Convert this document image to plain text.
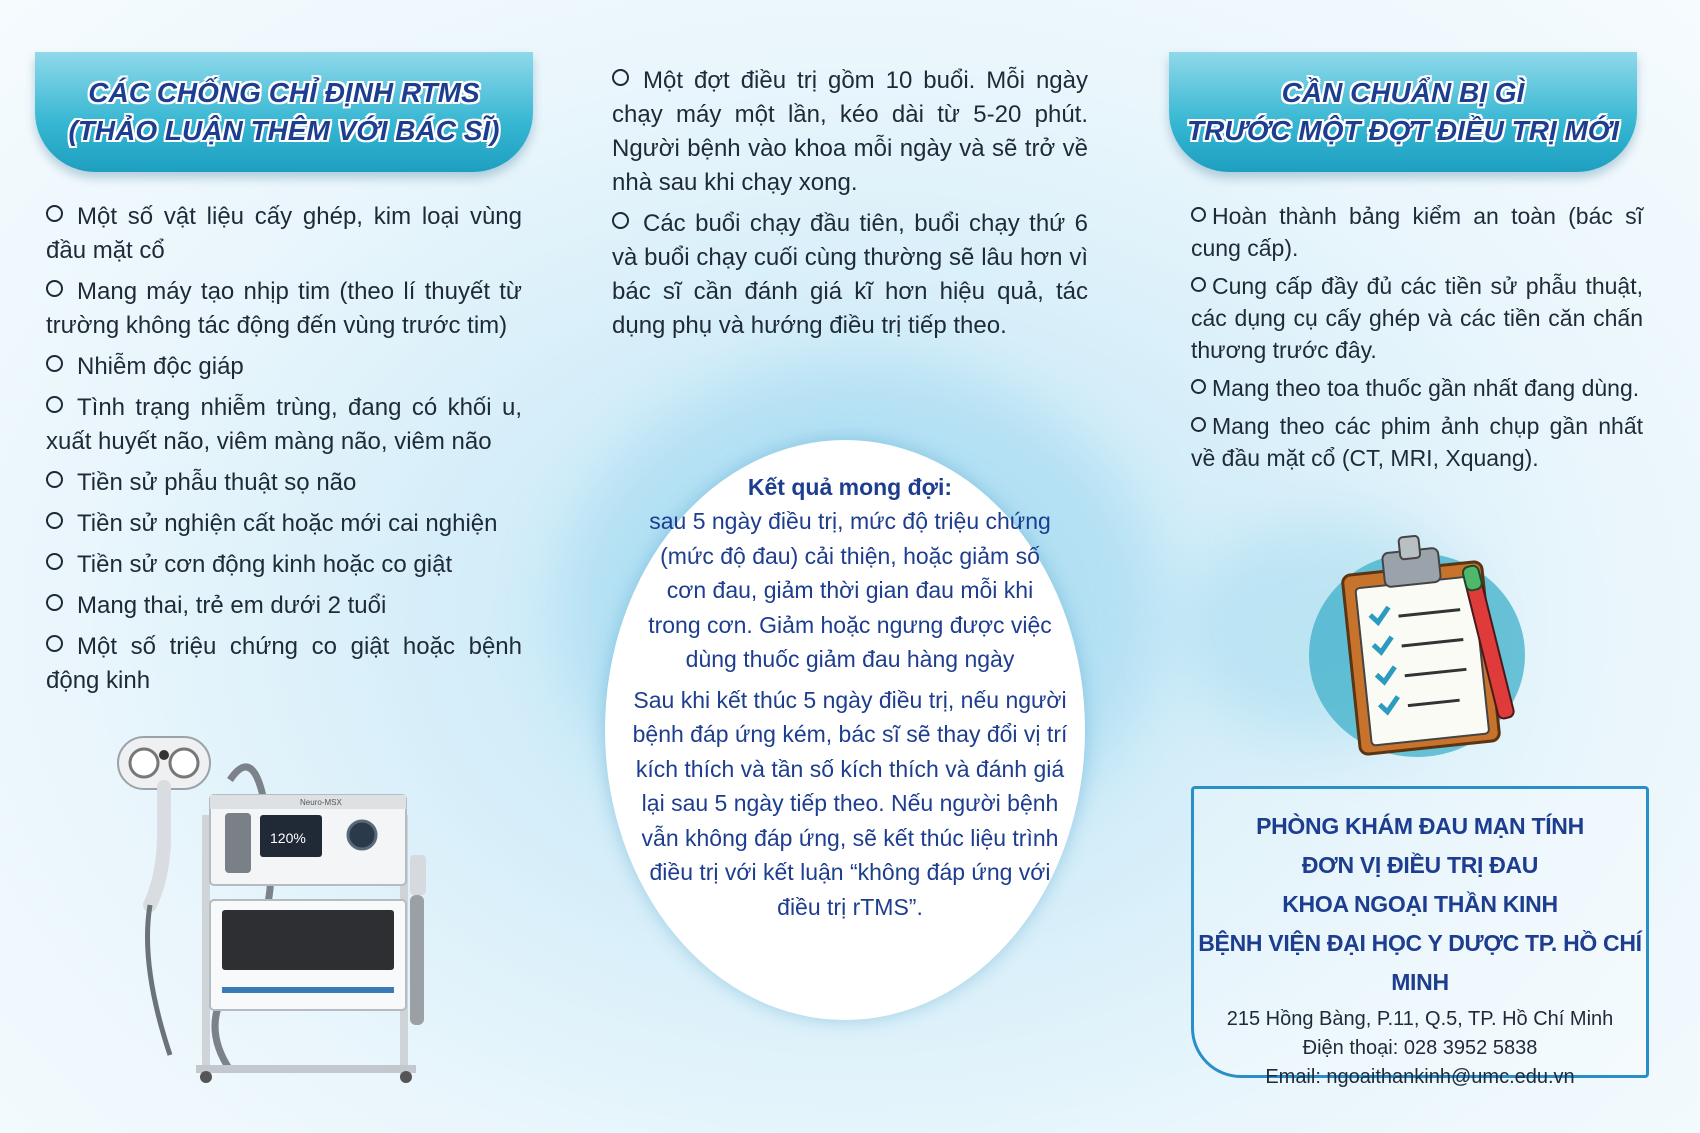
CÁC CHỐNG CHỈ ĐỊNH RTMS
(THẢO LUẬN THÊM VỚI BÁC SĨ)
Một số vật liệu cấy ghép, kim loại vùng đầu mặt cổ
Mang máy tạo nhịp tim (theo lí thuyết từ trường không tác động đến vùng trước tim)
Nhiễm độc giáp
Tình trạng nhiễm trùng, đang có khối u, xuất huyết não, viêm màng não, viêm não
Tiền sử phẫu thuật sọ não
Tiền sử nghiện cất hoặc mới cai nghiện
Tiền sử cơn động kinh hoặc co giật
Mang thai, trẻ em dưới 2 tuổi
Một số triệu chứng co giật hoặc bệnh động kinh
Neuro-MSX
120%
Một đợt điều trị gồm 10 buổi. Mỗi ngày chạy máy một lần, kéo dài từ 5-20 phút. Người bệnh vào khoa mỗi ngày và sẽ trở về nhà sau khi chạy xong.
Các buổi chạy đầu tiên, buổi chạy thứ 6 và buổi chạy cuối cùng thường sẽ lâu hơn vì bác sĩ cần đánh giá kĩ hơn hiệu quả, tác dụng phụ và hướng điều trị tiếp theo.
Kết quả mong đợi:

sau 5 ngày điều trị, mức độ triệu chứng (mức độ đau) cải thiện, hoặc giảm số cơn đau, giảm thời gian đau mỗi khi trong cơn. Giảm hoặc ngưng được việc dùng thuốc giảm đau hàng ngày

Sau khi kết thúc 5 ngày điều trị, nếu người bệnh đáp ứng kém, bác sĩ sẽ thay đổi vị trí kích thích và tần số kích thích và đánh giá lại sau 5 ngày tiếp theo. Nếu người bệnh vẫn không đáp ứng, sẽ kết thúc liệu trình điều trị với kết luận “không đáp ứng với điều trị rTMS”.

CẦN CHUẨN BỊ GÌ
TRƯỚC MỘT ĐỢT ĐIỀU TRỊ MỚI
Hoàn thành bảng kiểm an toàn (bác sĩ cung cấp).
Cung cấp đầy đủ các tiền sử phẫu thuật, các dụng cụ cấy ghép và các tiền căn chấn thương trước đây.
Mang theo toa thuốc gần nhất đang dùng.
Mang theo các phim ảnh chụp gần nhất về đầu mặt cổ (CT, MRI, Xquang).
PHÒNG KHÁM ĐAU MẠN TÍNH
ĐƠN VỊ ĐIỀU TRỊ ĐAU
KHOA NGOẠI THẦN KINH
BỆNH VIỆN ĐẠI HỌC Y DƯỢC TP. HỒ CHÍ MINH
215 Hồng Bàng, P.11, Q.5, TP. Hồ Chí Minh
Điện thoại: 028 3952 5838
Email: ngoaithankinh@umc.edu.vn
